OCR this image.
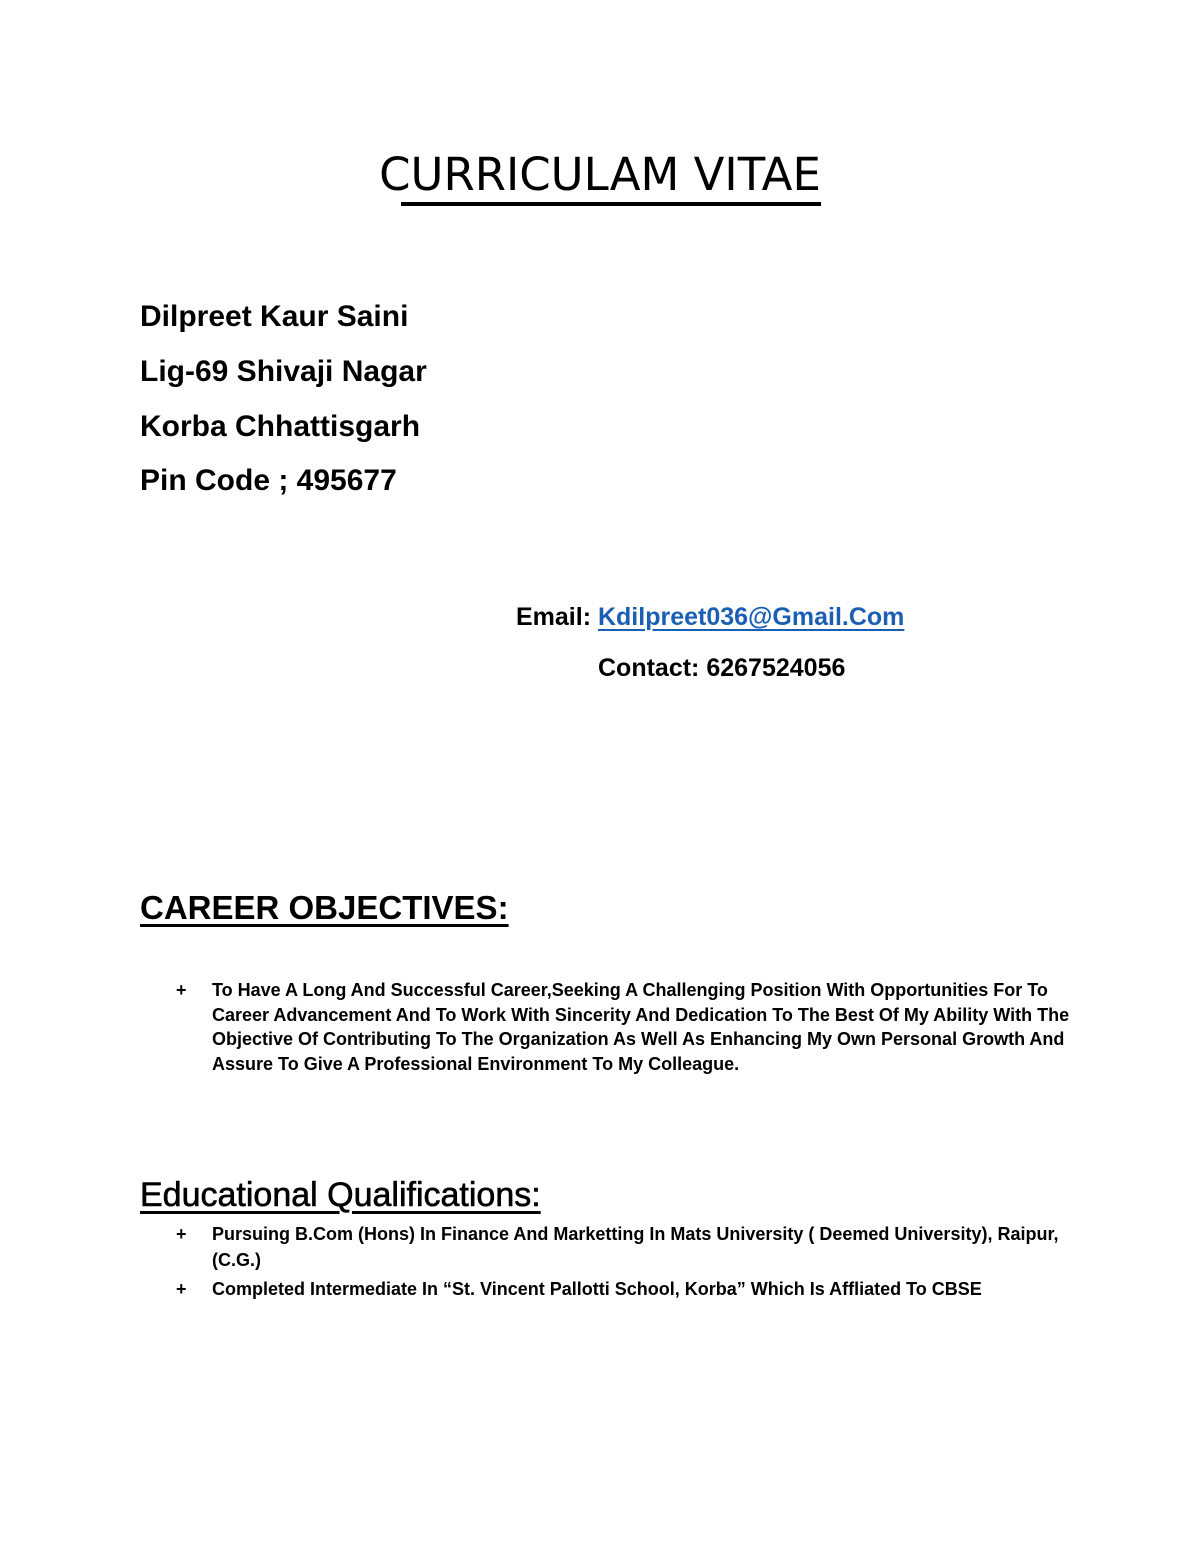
CURRICULAM VITAE
Dilpreet Kaur Saini
Lig-69 Shivaji Nagar
Korba Chhattisgarh
Pin Code ; 495677
Email: Kdilpreet036@Gmail.Com
Contact: 6267524056
CAREER OBJECTIVES:
+ To Have A Long And Successful Career,Seeking A Challenging Position With Opportunities For To Career Advancement And To Work With Sincerity And Dedication To The Best Of My Ability With The Objective Of Contributing To The Organization As Well As Enhancing My Own Personal Growth And Assure To Give A Professional Environment To My Colleague.
Educational Qualifications:
+ Pursuing B.Com (Hons) In Finance And Marketting In Mats University ( Deemed University), Raipur, (C.G.)
+ Completed Intermediate In “St. Vincent Pallotti School, Korba” Which Is Affliated To CBSE
